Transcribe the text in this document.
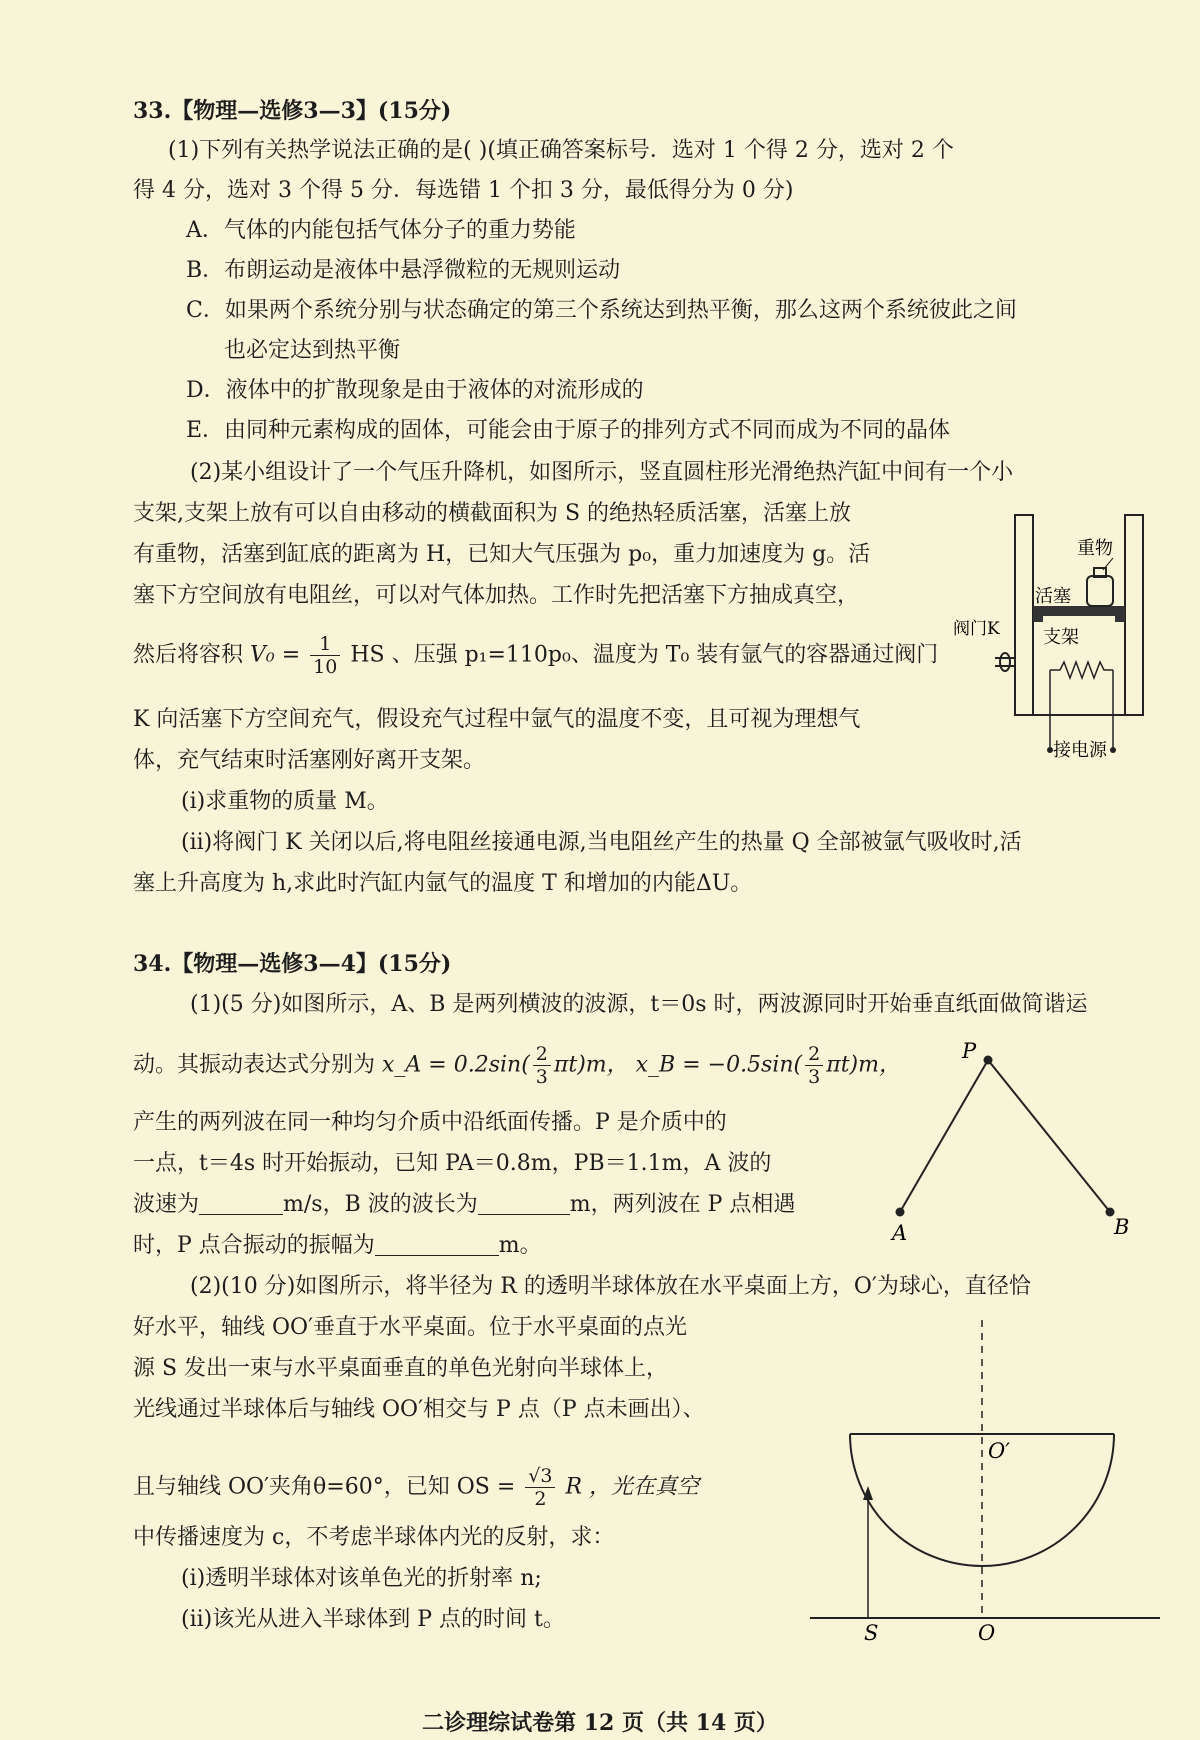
33.【物理—选修3—3】(15分)
(1)下列有关热学说法正确的是( )(填正确答案标号．选对 1 个得 2 分，选对 2 个
得 4 分，选对 3 个得 5 分．每选错 1 个扣 3 分，最低得分为 0 分)
A．气体的内能包括气体分子的重力势能
B．布朗运动是液体中悬浮微粒的无规则运动
C．如果两个系统分别与状态确定的第三个系统达到热平衡，那么这两个系统彼此之间
也必定达到热平衡
D．液体中的扩散现象是由于液体的对流形成的
E．由同种元素构成的固体，可能会由于原子的排列方式不同而成为不同的晶体
(2)某小组设计了一个气压升降机，如图所示，竖直圆柱形光滑绝热汽缸中间有一个小
支架,支架上放有可以自由移动的横截面积为 S 的绝热轻质活塞，活塞上放
有重物，活塞到缸底的距离为 H，已知大气压强为 p₀，重力加速度为 g。活
塞下方空间放有电阻丝，可以对气体加热。工作时先把活塞下方抽成真空，
然后将容积 $V_0 = \frac{1}{10}$ HS 、压强 p₁=110p₀、温度为 T₀ 装有氩气的容器通过阀门
K 向活塞下方空间充气，假设充气过程中氩气的温度不变，且可视为理想气
体，充气结束时活塞刚好离开支架。
(i)求重物的质量 M。
(ii)将阀门 K 关闭以后,将电阻丝接通电源,当电阻丝产生的热量 Q 全部被氩气吸收时,活
塞上升高度为 h,求此时汽缸内氩气的温度 T 和增加的内能ΔU。
重物
活塞
阀门K 支架
接电源
34.【物理—选修3—4】(15分)
(1)(5 分)如图所示，A、B 是两列横波的波源，t＝0s 时，两波源同时开始垂直纸面做简谐运
动。其振动表达式分别为 x_A = $0.2\sin( \frac{2}{3} \pi t)m$， x_B = $-0.5\sin( \frac{2}{3} \pi t)m$，
产生的两列波在同一种均匀介质中沿纸面传播。P 是介质中的
一点，t＝4s 时开始振动，已知 PA＝0.8m，PB＝1.1m，A 波的
波速为	m/s，B 波的波长为	m，两列波在 P 点相遇
时，P 点合振动的振幅为	m。
P
A	B
(2)(10 分)如图所示，将半径为 R 的透明半球体放在水平桌面上方，O′为球心，直径恰
好水平，轴线 OO′垂直于水平桌面。位于水平桌面的点光
源 S 发出一束与水平桌面垂直的单色光射向半球体上，
光线通过半球体后与轴线 OO′相交与 P 点（P 点未画出）、
且与轴线 OO′夹角θ=60°，已知 OS = $\frac{√3}{2}$ R ，光在真空
中传播速度为 c，不考虑半球体内光的反射，求：
(i)透明半球体对该单色光的折射率 n;
(ii)该光从进入半球体到 P 点的时间 t。
O′
S	O
二诊理综试卷第 12 页（共 14 页）
